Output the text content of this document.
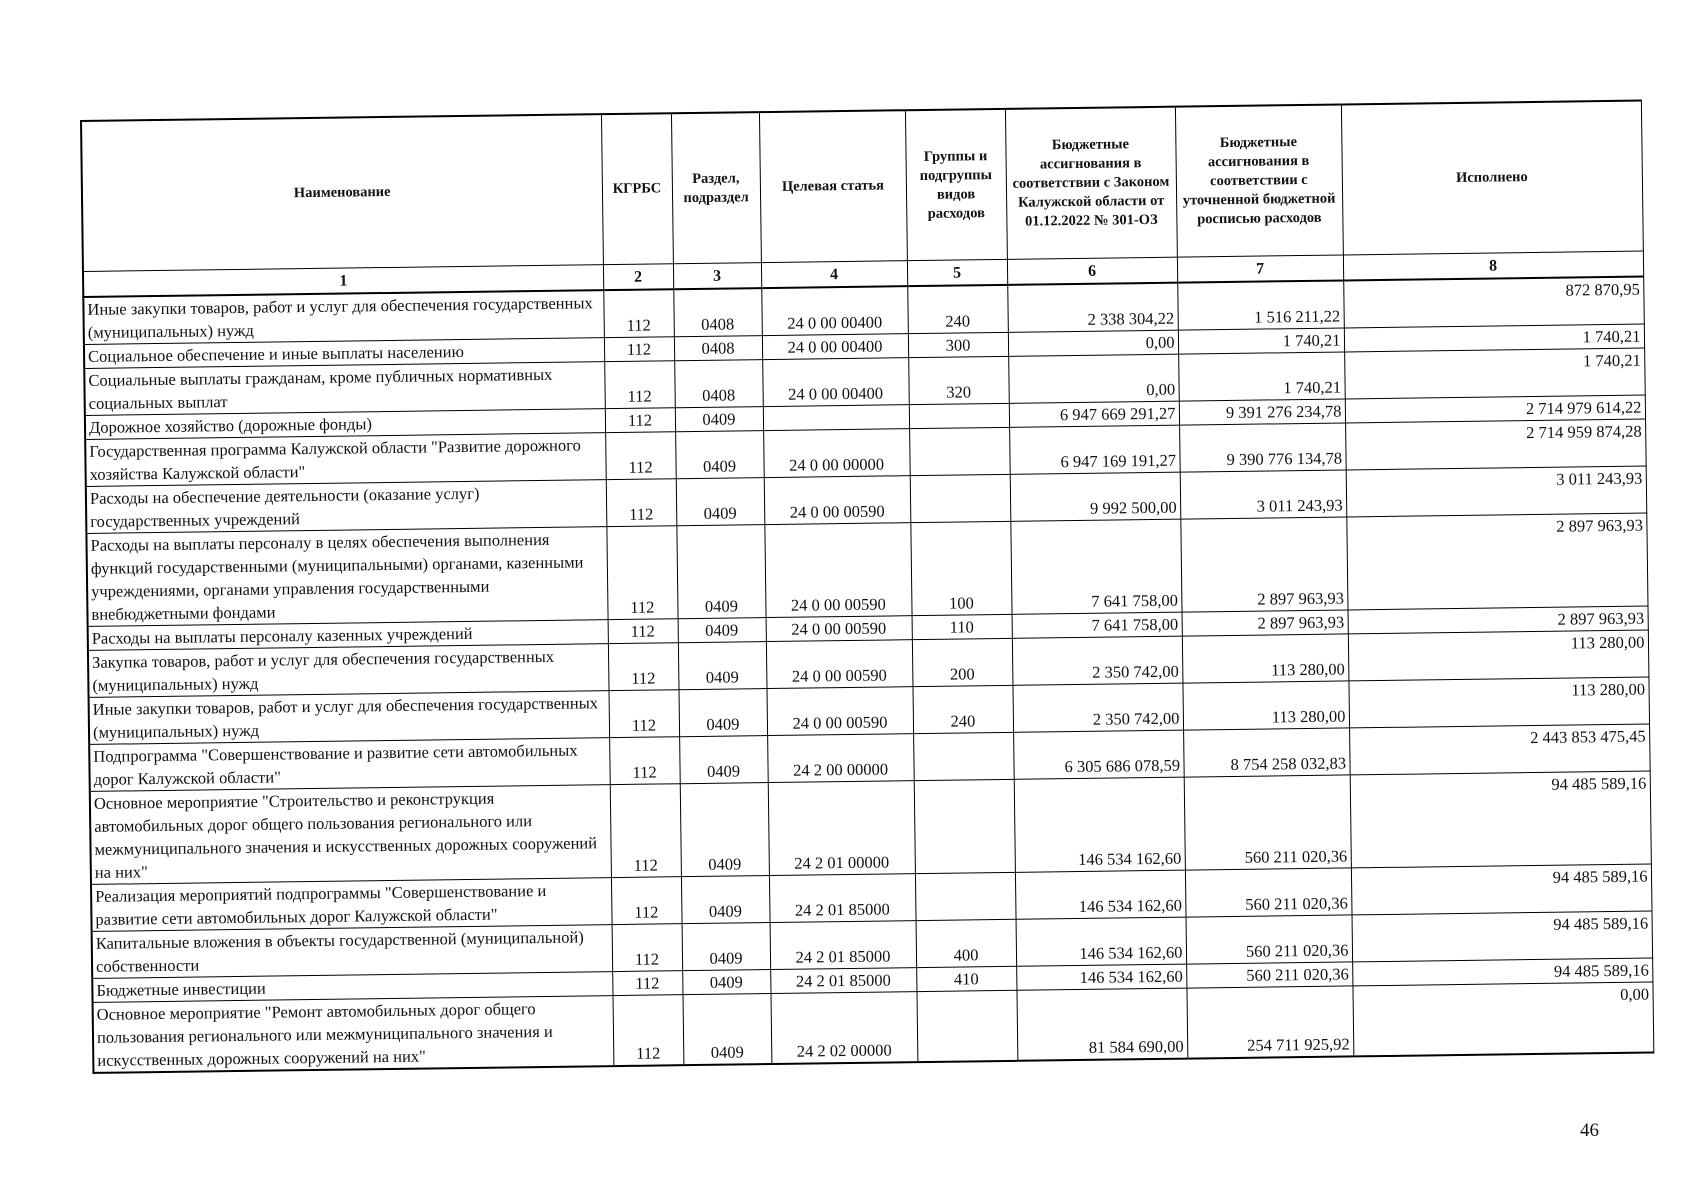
Наименование	КГРБС	Раздел, подраздел	Целевая статья	Группы и подгруппы видов расходов	Бюджетные ассигнования в соответствии с Законом Калужской области от 01.12.2022 № 301-ОЗ	Бюджетные ассигнования в соответствии с уточненной бюджетной росписью расходов	Исполнено
1	2	3	4	5	6	7	8
Иные закупки товаров, работ и услуг для обеспечения государственных (муниципальных) нужд	112	0408	24 0 00 00400	240	2 338 304,22	1 516 211,22	872 870,95
Социальное обеспечение и иные выплаты населению	112	0408	24 0 00 00400	300	0,00	1 740,21	1 740,21
Социальные выплаты гражданам, кроме публичных нормативных социальных выплат	112	0408	24 0 00 00400	320	0,00	1 740,21	1 740,21
Дорожное хозяйство (дорожные фонды)	112	0409			6 947 669 291,27	9 391 276 234,78	2 714 979 614,22
Государственная программа Калужской области "Развитие дорожного хозяйства Калужской области"	112	0409	24 0 00 00000		6 947 169 191,27	9 390 776 134,78	2 714 959 874,28
Расходы на обеспечение деятельности (оказание услуг) государственных учреждений	112	0409	24 0 00 00590		9 992 500,00	3 011 243,93	3 011 243,93
Расходы на выплаты персоналу в целях обеспечения выполнения функций государственными (муниципальными) органами, казенными учреждениями, органами управления государственными внебюджетными фондами	112	0409	24 0 00 00590	100	7 641 758,00	2 897 963,93	2 897 963,93
Расходы на выплаты персоналу казенных учреждений	112	0409	24 0 00 00590	110	7 641 758,00	2 897 963,93	2 897 963,93
Закупка товаров, работ и услуг для обеспечения государственных (муниципальных) нужд	112	0409	24 0 00 00590	200	2 350 742,00	113 280,00	113 280,00
Иные закупки товаров, работ и услуг для обеспечения государственных (муниципальных) нужд	112	0409	24 0 00 00590	240	2 350 742,00	113 280,00	113 280,00
Подпрограмма "Совершенствование и развитие сети автомобильных дорог Калужской области"	112	0409	24 2 00 00000		6 305 686 078,59	8 754 258 032,83	2 443 853 475,45
Основное мероприятие "Строительство и реконструкция автомобильных дорог общего пользования регионального или межмуниципального значения и искусственных дорожных сооружений на них"	112	0409	24 2 01 00000		146 534 162,60	560 211 020,36	94 485 589,16
Реализация мероприятий подпрограммы "Совершенствование и развитие сети автомобильных дорог Калужской области"	112	0409	24 2 01 85000		146 534 162,60	560 211 020,36	94 485 589,16
Капитальные вложения в объекты государственной (муниципальной) собственности	112	0409	24 2 01 85000	400	146 534 162,60	560 211 020,36	94 485 589,16
Бюджетные инвестиции	112	0409	24 2 01 85000	410	146 534 162,60	560 211 020,36	94 485 589,16
Основное мероприятие "Ремонт автомобильных дорог общего пользования регионального или межмуниципального значения и искусственных дорожных сооружений на них"	112	0409	24 2 02 00000		81 584 690,00	254 711 925,92	0,00
46
